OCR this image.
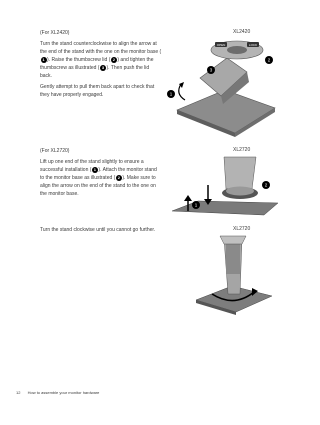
(For XL2420)
Turn the stand counterclockwise to align the arrow at the end of the stand with the one on the monitor base (1 ). Raise the thumbscrew lid ( 2 ) and tighten the thumbscrew as illustrated ( 3 ). Then push the lid back.
Gently attempt to pull them back apart to check that they have properly engaged.
XL2420
OPEN	LOCK
1
2
3
(For XL2720)
Lift up one end of the stand slightly to ensure a successful installation ( 1 ). Attach the monitor stand to the monitor base as illustrated ( 2 ). Make sure to align the arrow on the end of the stand to the one on the monitor base.
XL2720
1
2
Turn the stand clockwise until you cannot go further.	XL2720
12 How to assemble your monitor hardware
